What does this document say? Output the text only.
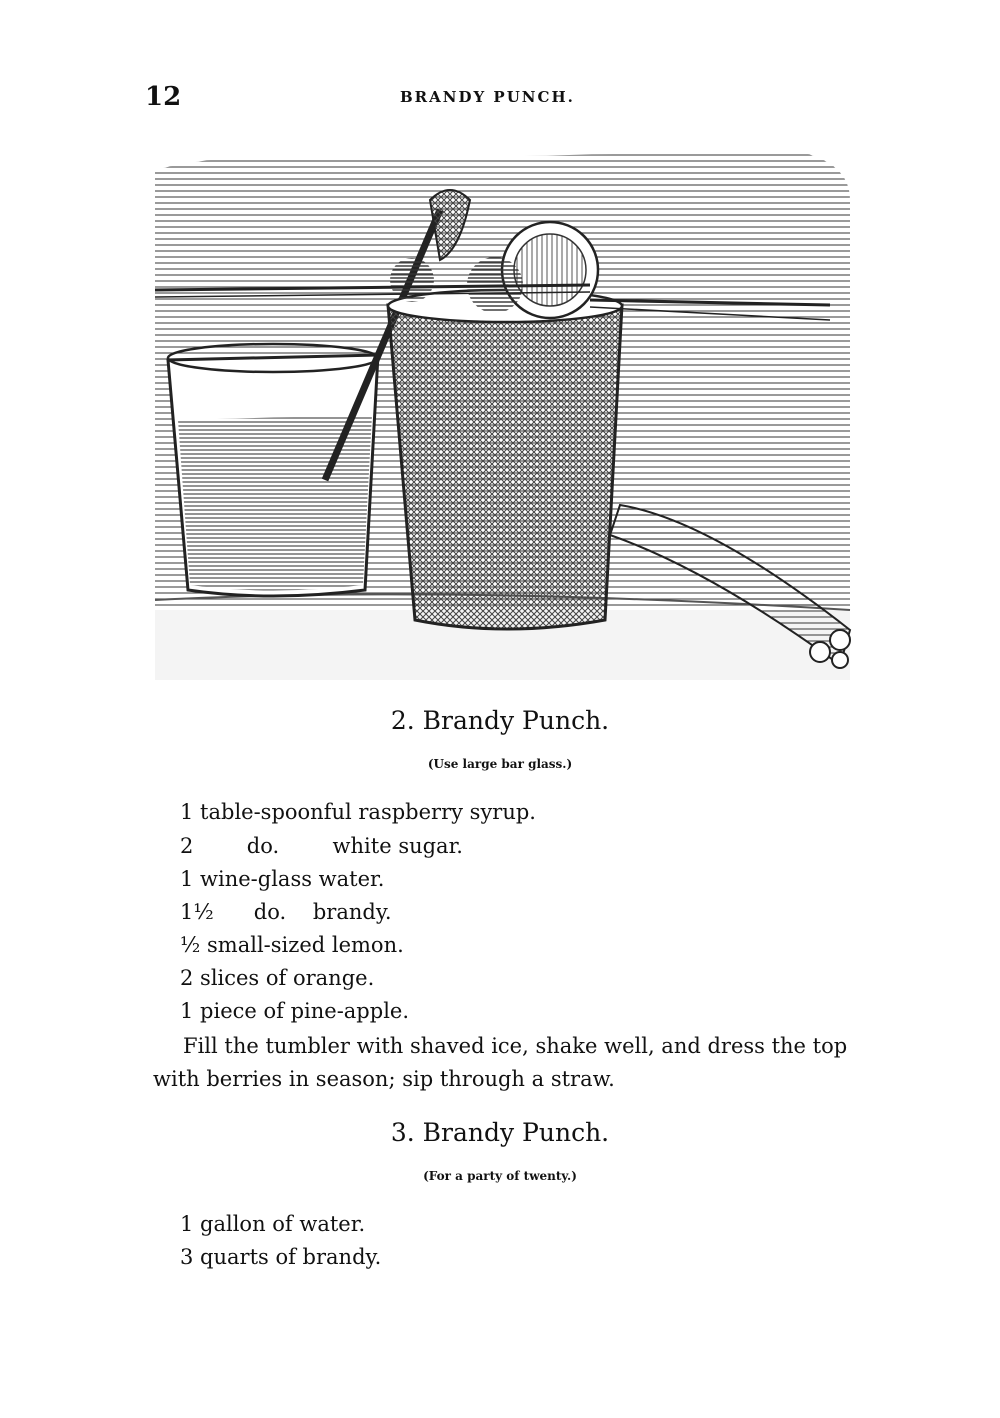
12	BRANDY PUNCH.
2. Brandy Punch.
(Use large bar glass.)
1 table-spoonful raspberry syrup.
2        do.        white sugar.
1 wine-glass water.
1½      do.    brandy.
½ small-sized lemon.
2 slices of orange.
1 piece of pine-apple.
Fill the tumbler with shaved ice, shake well, and dress the top with berries in season; sip through a straw.
3. Brandy Punch.
(For a party of twenty.)
1 gallon of water.
3 quarts of brandy.
